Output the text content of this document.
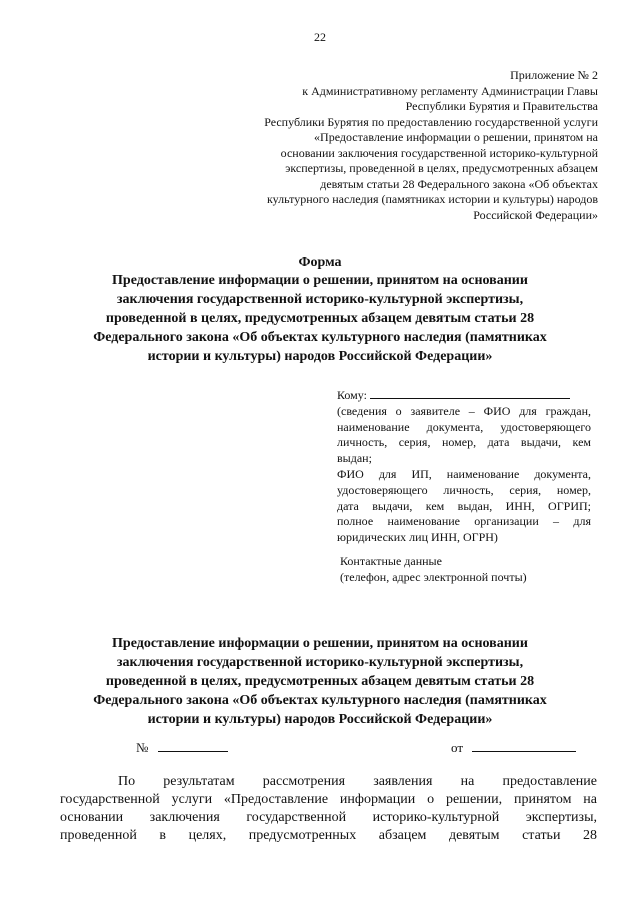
22
Приложение № 2
к Административному регламенту Администрации Главы
Республики Бурятия и Правительства
Республики Бурятия по предоставлению государственной услуги
«Предоставление информации о решении, принятом на
основании заключения государственной историко-культурной
экспертизы, проведенной в целях, предусмотренных абзацем
девятым статьи 28 Федерального закона «Об объектах
культурного наследия (памятниках истории и культуры) народов
Российской Федерации»
Форма
Предоставление информации о решении, принятом на основании
заключения государственной историко-культурной экспертизы,
проведенной в целях, предусмотренных абзацем девятым статьи 28
Федерального закона «Об объектах культурного наследия (памятниках
истории и культуры) народов Российской Федерации»
Кому:
(сведения о заявителе – ФИО для граждан,
наименование документа, удостоверяющего
личность, серия, номер, дата выдачи, кем
выдан;
ФИО для ИП, наименование документа,
удостоверяющего личность, серия, номер,
дата выдачи, кем выдан, ИНН, ОГРИП;
полное наименование организации – для
юридических лиц ИНН, ОГРН)
Контактные данные
(телефон, адрес электронной почты)
Предоставление информации о решении, принятом на основании
заключения государственной историко-культурной экспертизы,
проведенной в целях, предусмотренных абзацем девятым статьи 28
Федерального закона «Об объектах культурного наследия (памятниках
истории и культуры) народов Российской Федерации»
№	от
По результатам рассмотрения заявления на предоставление
государственной услуги «Предоставление информации о решении, принятом на
основании заключения государственной историко-культурной экспертизы,
проведенной в целях, предусмотренных абзацем девятым статьи 28
